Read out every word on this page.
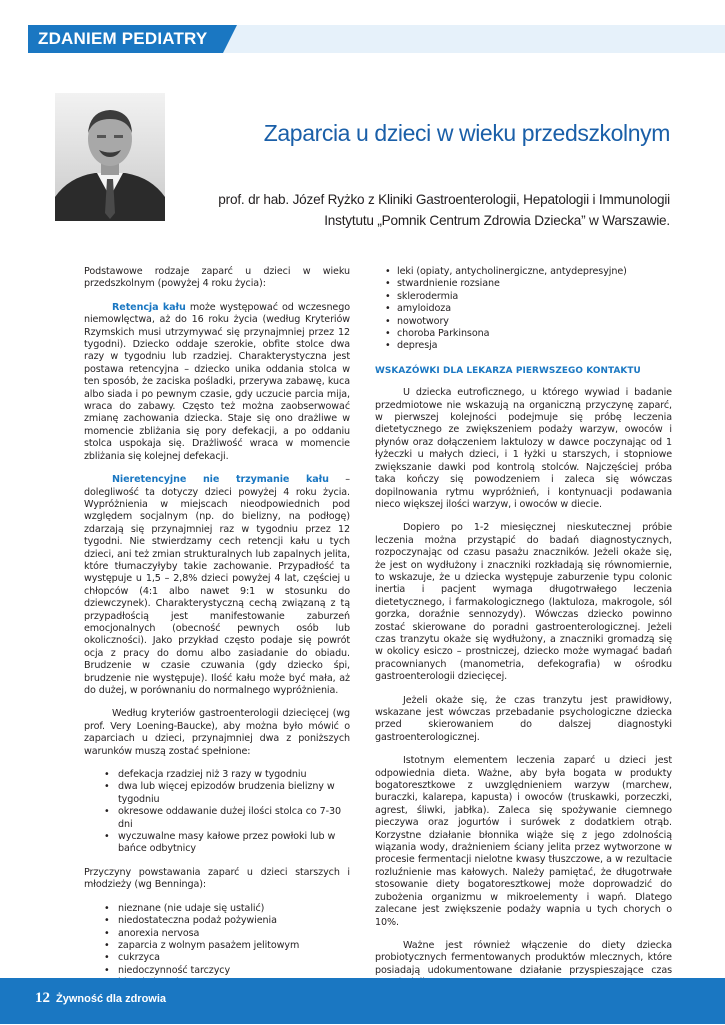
ZDANIEM PEDIATRY
Zaparcia u dzieci w wieku przedszkolnym
prof. dr hab. Józef Ryżko z Kliniki Gastroenterologii, Hepatologii i Immunologii
Instytutu „Pomnik Centrum Zdrowia Dziecka” w Warszawie.

Podstawowe rodzaje zaparć u dzieci w wieku przedszkolnym (powyżej 4 roku życia):

Retencja kału może występować od wczesnego niemowlęctwa, aż do 16 roku życia (według Kryteriów Rzymskich musi utrzymywać się przynajmniej przez 12 tygodni). Dziecko oddaje szerokie, obfite stolce dwa razy w tygodniu lub rzadziej. Charakterystyczna jest postawa retencyjna – dziecko unika oddania stolca w ten sposób, że zaciska pośladki, przerywa zabawę, kuca albo siada i po pewnym czasie, gdy uczucie parcia mija, wraca do zabawy. Często też można zaobserwować zmianę zachowania dziecka. Staje się ono drażliwe w momencie zbliżania się pory defekacji, a po oddaniu stolca uspokaja się. Drażliwość wraca w momencie zbliżania się kolejnej defekacji.

Nieretencyjne nie trzymanie kału – dolegliwość ta dotyczy dzieci powyżej 4 roku życia. Wypróżnienia w miejscach nieodpowiednich pod względem socjalnym (np. do bielizny, na podłogę) zdarzają się przynajmniej raz w tygodniu przez 12 tygodni. Nie stwierdzamy cech retencji kału u tych dzieci, ani też zmian strukturalnych lub zapalnych jelita, które tłumaczyłyby takie zachowanie. Przypadłość ta występuje u 1,5 – 2,8% dzieci powyżej 4 lat, częściej u chłopców (4:1 albo nawet 9:1 w stosunku do dziewczynek). Charakterystyczną cechą związaną z tą przypadłością jest manifestowanie zaburzeń emocjonalnych (obecność pewnych osób lub okoliczności). Jako przykład często podaje się powrót ocja z pracy do domu albo zasiadanie do obiadu. Brudzenie w czasie czuwania (gdy dziecko śpi, brudzenie nie występuje). Ilość kału może być mała, aż do dużej, w porównaniu do normalnego wypróżnienia.

Według kryteriów gastroenterologii dziecięcej (wg prof. Very Loening-Baucke), aby można było mówić o zaparciach u dzieci, przynajmniej dwa z poniższych warunków muszą zostać spełnione:

• defekacja rzadziej niż 3 razy w tygodniu
• dwa lub więcej epizodów brudzenia bielizny w tygodniu
• okresowe oddawanie dużej ilości stolca co 7-30 dni
• wyczuwalne masy kałowe przez powłoki lub w bańce odbytnicy

Przyczyny powstawania zaparć u dzieci starszych i młodzieży (wg Benninga):

• nieznane (nie udaje się ustalić)
• niedostateczna podaż pożywienia
• anorexia nervosa
• zaparcia z wolnym pasażem jelitowym
• cukrzyca
• niedoczynność tarczycy
•
•
• leki (opiaty, antycholinergiczne, antydepresyjne)
• stwardnienie rozsiane
• sklerodermia
• amyloidoza
• nowotwory
• choroba Parkinsona
• depresja
WSKAZÓWKI DLA LEKARZA PIERWSZEGO KONTAKTU

U dziecka eutroficznego, u którego wywiad i badanie przedmiotowe nie wskazują na organiczną przyczynę zaparć, w pierwszej kolejności podejmuje się próbę leczenia dietetycznego ze zwiększeniem podaży warzyw, owoców i płynów oraz dołączeniem laktulozy w dawce poczynając od 1 łyżeczki u małych dzieci, i 1 łyżki u starszych, i stopniowe zwiększanie dawki pod kontrolą stolców. Najczęściej próba taka kończy się powodzeniem i zaleca się wówczas dopilnowania rytmu wypróżnień, i kontynuacji podawania nieco większej ilości warzyw, i owoców w diecie.

Dopiero po 1-2 miesięcznej nieskutecznej próbie leczenia można przystąpić do badań diagnostycznych, rozpoczynając od czasu pasażu znaczników. Jeżeli okaże się, że jest on wydłużony i znaczniki rozkładają się równomiernie, to wskazuje, że u dziecka występuje zaburzenie typu colonic inertia i pacjent wymaga długotrwałego leczenia dietetycznego, i farmakologicznego (laktuloza, makrogole, sól gorzka, doraźnie sennozydy). Wówczas dziecko powinno zostać skierowane do poradni gastroenterologicznej. Jeżeli czas tranzytu okaże się wydłużony, a znaczniki gromadzą się w okolicy esiczo – prostniczej, dziecko może wymagać badań pracownianych (manometria, defekografia) w ośrodku gastroenterologii dziecięcej.

Jeżeli okaże się, że czas tranzytu jest prawidłowy, wskazane jest wówczas przebadanie psychologiczne dziecka przed skierowaniem do dalszej diagnostyki gastroenterologicznej.

Istotnym elementem leczenia zaparć u dzieci jest odpowiednia dieta. Ważne, aby była bogata w produkty bogatoresztkowe z uwzględnieniem warzyw (marchew, buraczki, kalarepa, kapusta) i owoców (truskawki, porzeczki, agrest, śliwki, jabłka). Zaleca się spożywanie ciemnego pieczywa oraz jogurtów i surówek z dodatkiem otrąb. Korzystne działanie błonnika wiąże się z jego zdolnością wiązania wody, drażnieniem ściany jelita przez wytworzone w procesie fermentacji nielotne kwasy tłuszczowe, a w rezultacie rozluźnienie mas kałowych. Należy pamiętać, że długotrwałe stosowanie diety bogatoresztkowej może doprowadzić do zubożenia organizmu w mikroelementy i wapń. Dlatego zalecane jest zwiększenie podaży wapnia u tych chorych o 10%.

Ważne jest również włączenie do diety dziecka probiotycznych fermentowanych produktów mlecznych, które posiadają udokumentowane działanie przyspieszające czas

12 Żywność dla zdrowia
